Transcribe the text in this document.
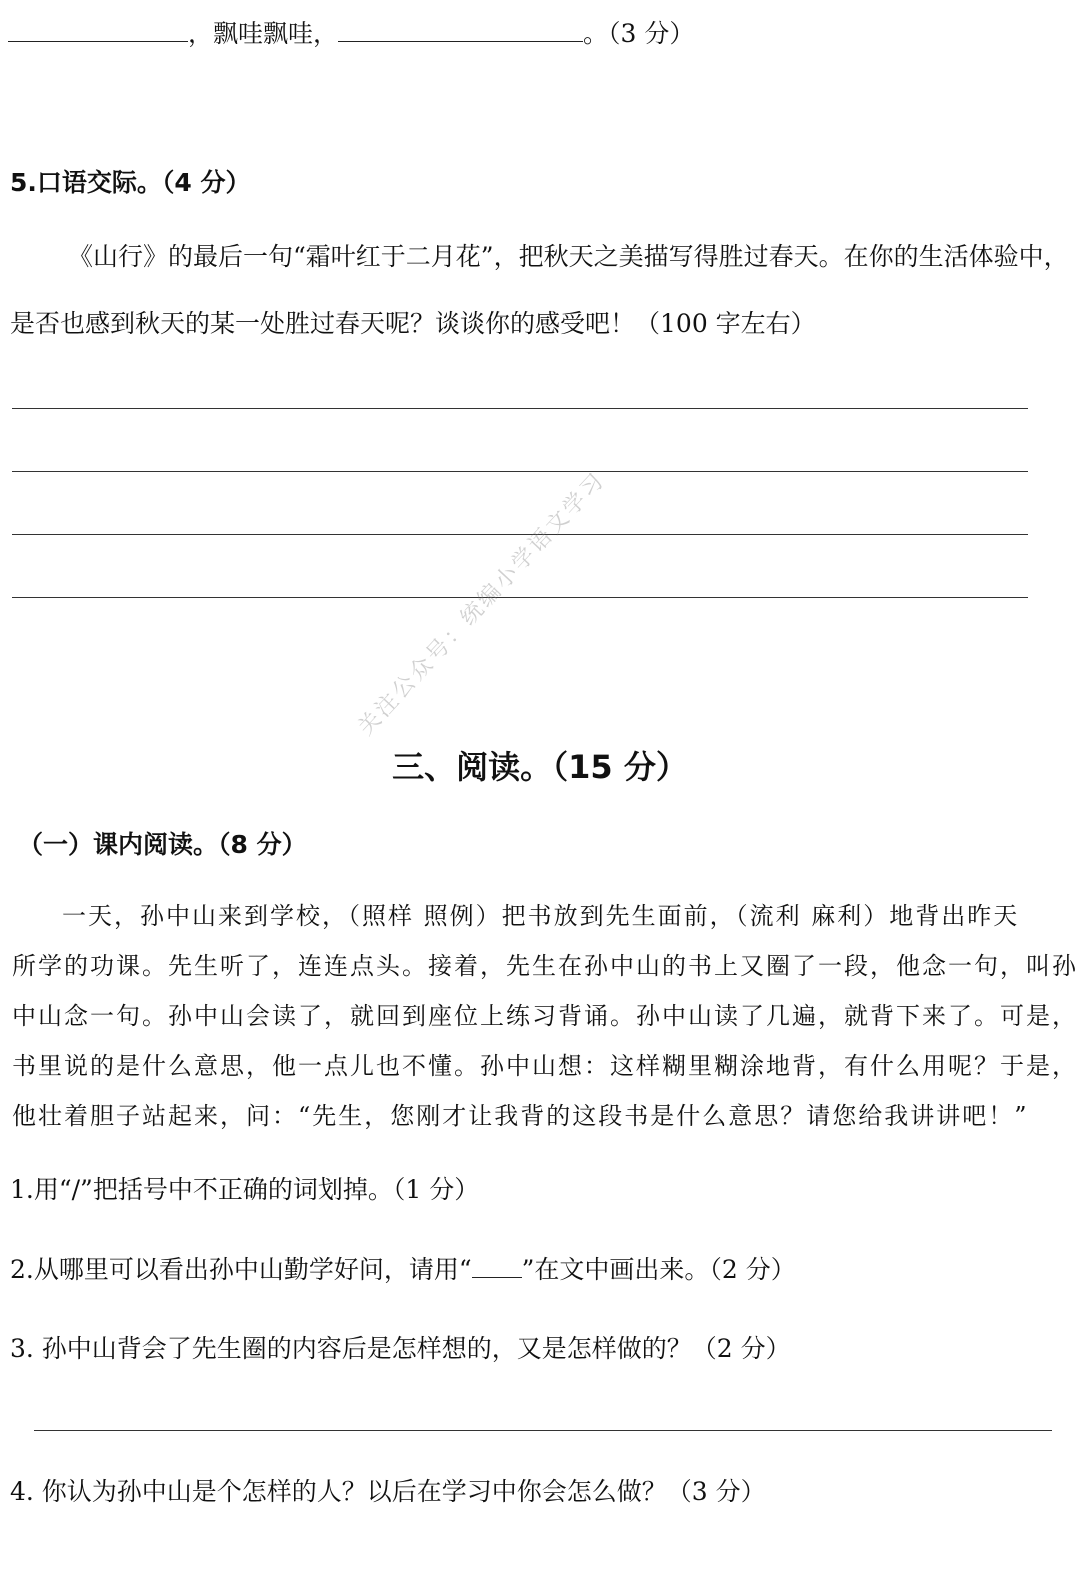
，飘哇飘哇，	。（3 分）
5.口语交际。（4 分）
《山行》的最后一句“霜叶红于二月花”，把秋天之美描写得胜过春天。在你的生活体验中，
是否也感到秋天的某一处胜过春天呢？谈谈你的感受吧！（100 字左右）
三、阅读。（15 分）
（一）课内阅读。（8 分）
一天，孙中山来到学校，（照样 照例）把书放到先生面前，（流利 麻利）地背出昨天
所学的功课。先生听了，连连点头。接着，先生在孙中山的书上又圈了一段，他念一句，叫孙
中山念一句。孙中山会读了，就回到座位上练习背诵。孙中山读了几遍，就背下来了。可是，
书里说的是什么意思，他一点儿也不懂。孙中山想：这样糊里糊涂地背，有什么用呢？于是，
他壮着胆子站起来，问：“先生，您刚才让我背的这段书是什么意思？请您给我讲讲吧！”
1.用“/”把括号中不正确的词划掉。（1 分）
2.从哪里可以看出孙中山勤学好问，请用“ ”在文中画出来。（2 分）
3. 孙中山背会了先生圈的内容后是怎样想的，又是怎样做的？（2 分）
4. 你认为孙中山是个怎样的人？以后在学习中你会怎么做？（3 分）
关注公众号：统编小学语文学习
